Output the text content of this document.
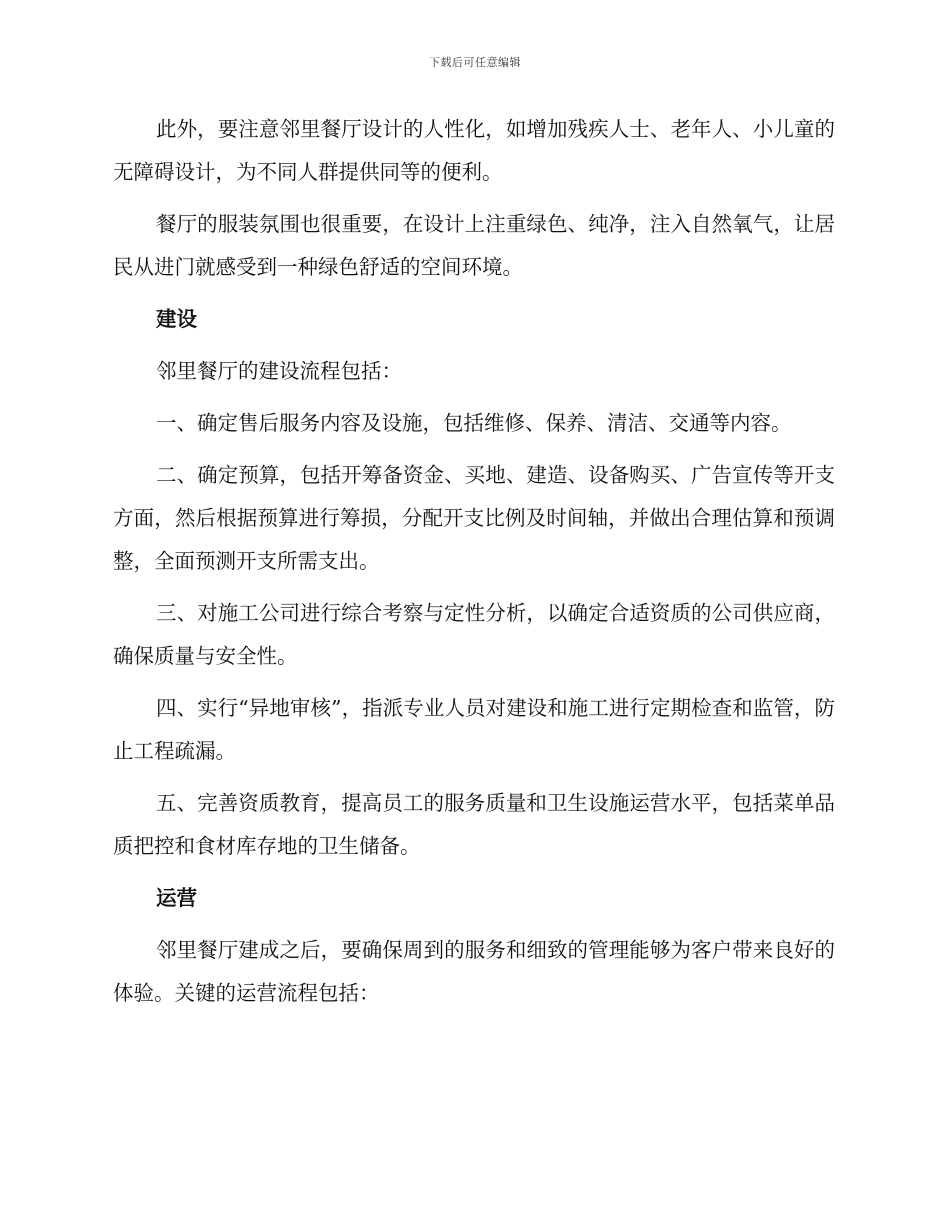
下载后可任意编辑

此外，要注意邻里餐厅设计的人性化，如增加残疾人士、老年人、小儿童的无障碍设计，为不同人群提供同等的便利。

餐厅的服装氛围也很重要，在设计上注重绿色、纯净，注入自然氧气，让居民从进门就感受到一种绿色舒适的空间环境。

建设

邻里餐厅的建设流程包括：

一、确定售后服务内容及设施，包括维修、保养、清洁、交通等内容。

二、确定预算，包括开筹备资金、买地、建造、设备购买、广告宣传等开支方面，然后根据预算进行筹损，分配开支比例及时间轴，并做出合理估算和预调整，全面预测开支所需支出。

三、对施工公司进行综合考察与定性分析，以确定合适资质的公司供应商，确保质量与安全性。

四、实行“异地审核”，指派专业人员对建设和施工进行定期检查和监管，防止工程疏漏。

五、完善资质教育，提高员工的服务质量和卫生设施运营水平，包括菜单品质把控和食材库存地的卫生储备。

运营

邻里餐厅建成之后，要确保周到的服务和细致的管理能够为客户带来良好的体验。关键的运营流程包括：
